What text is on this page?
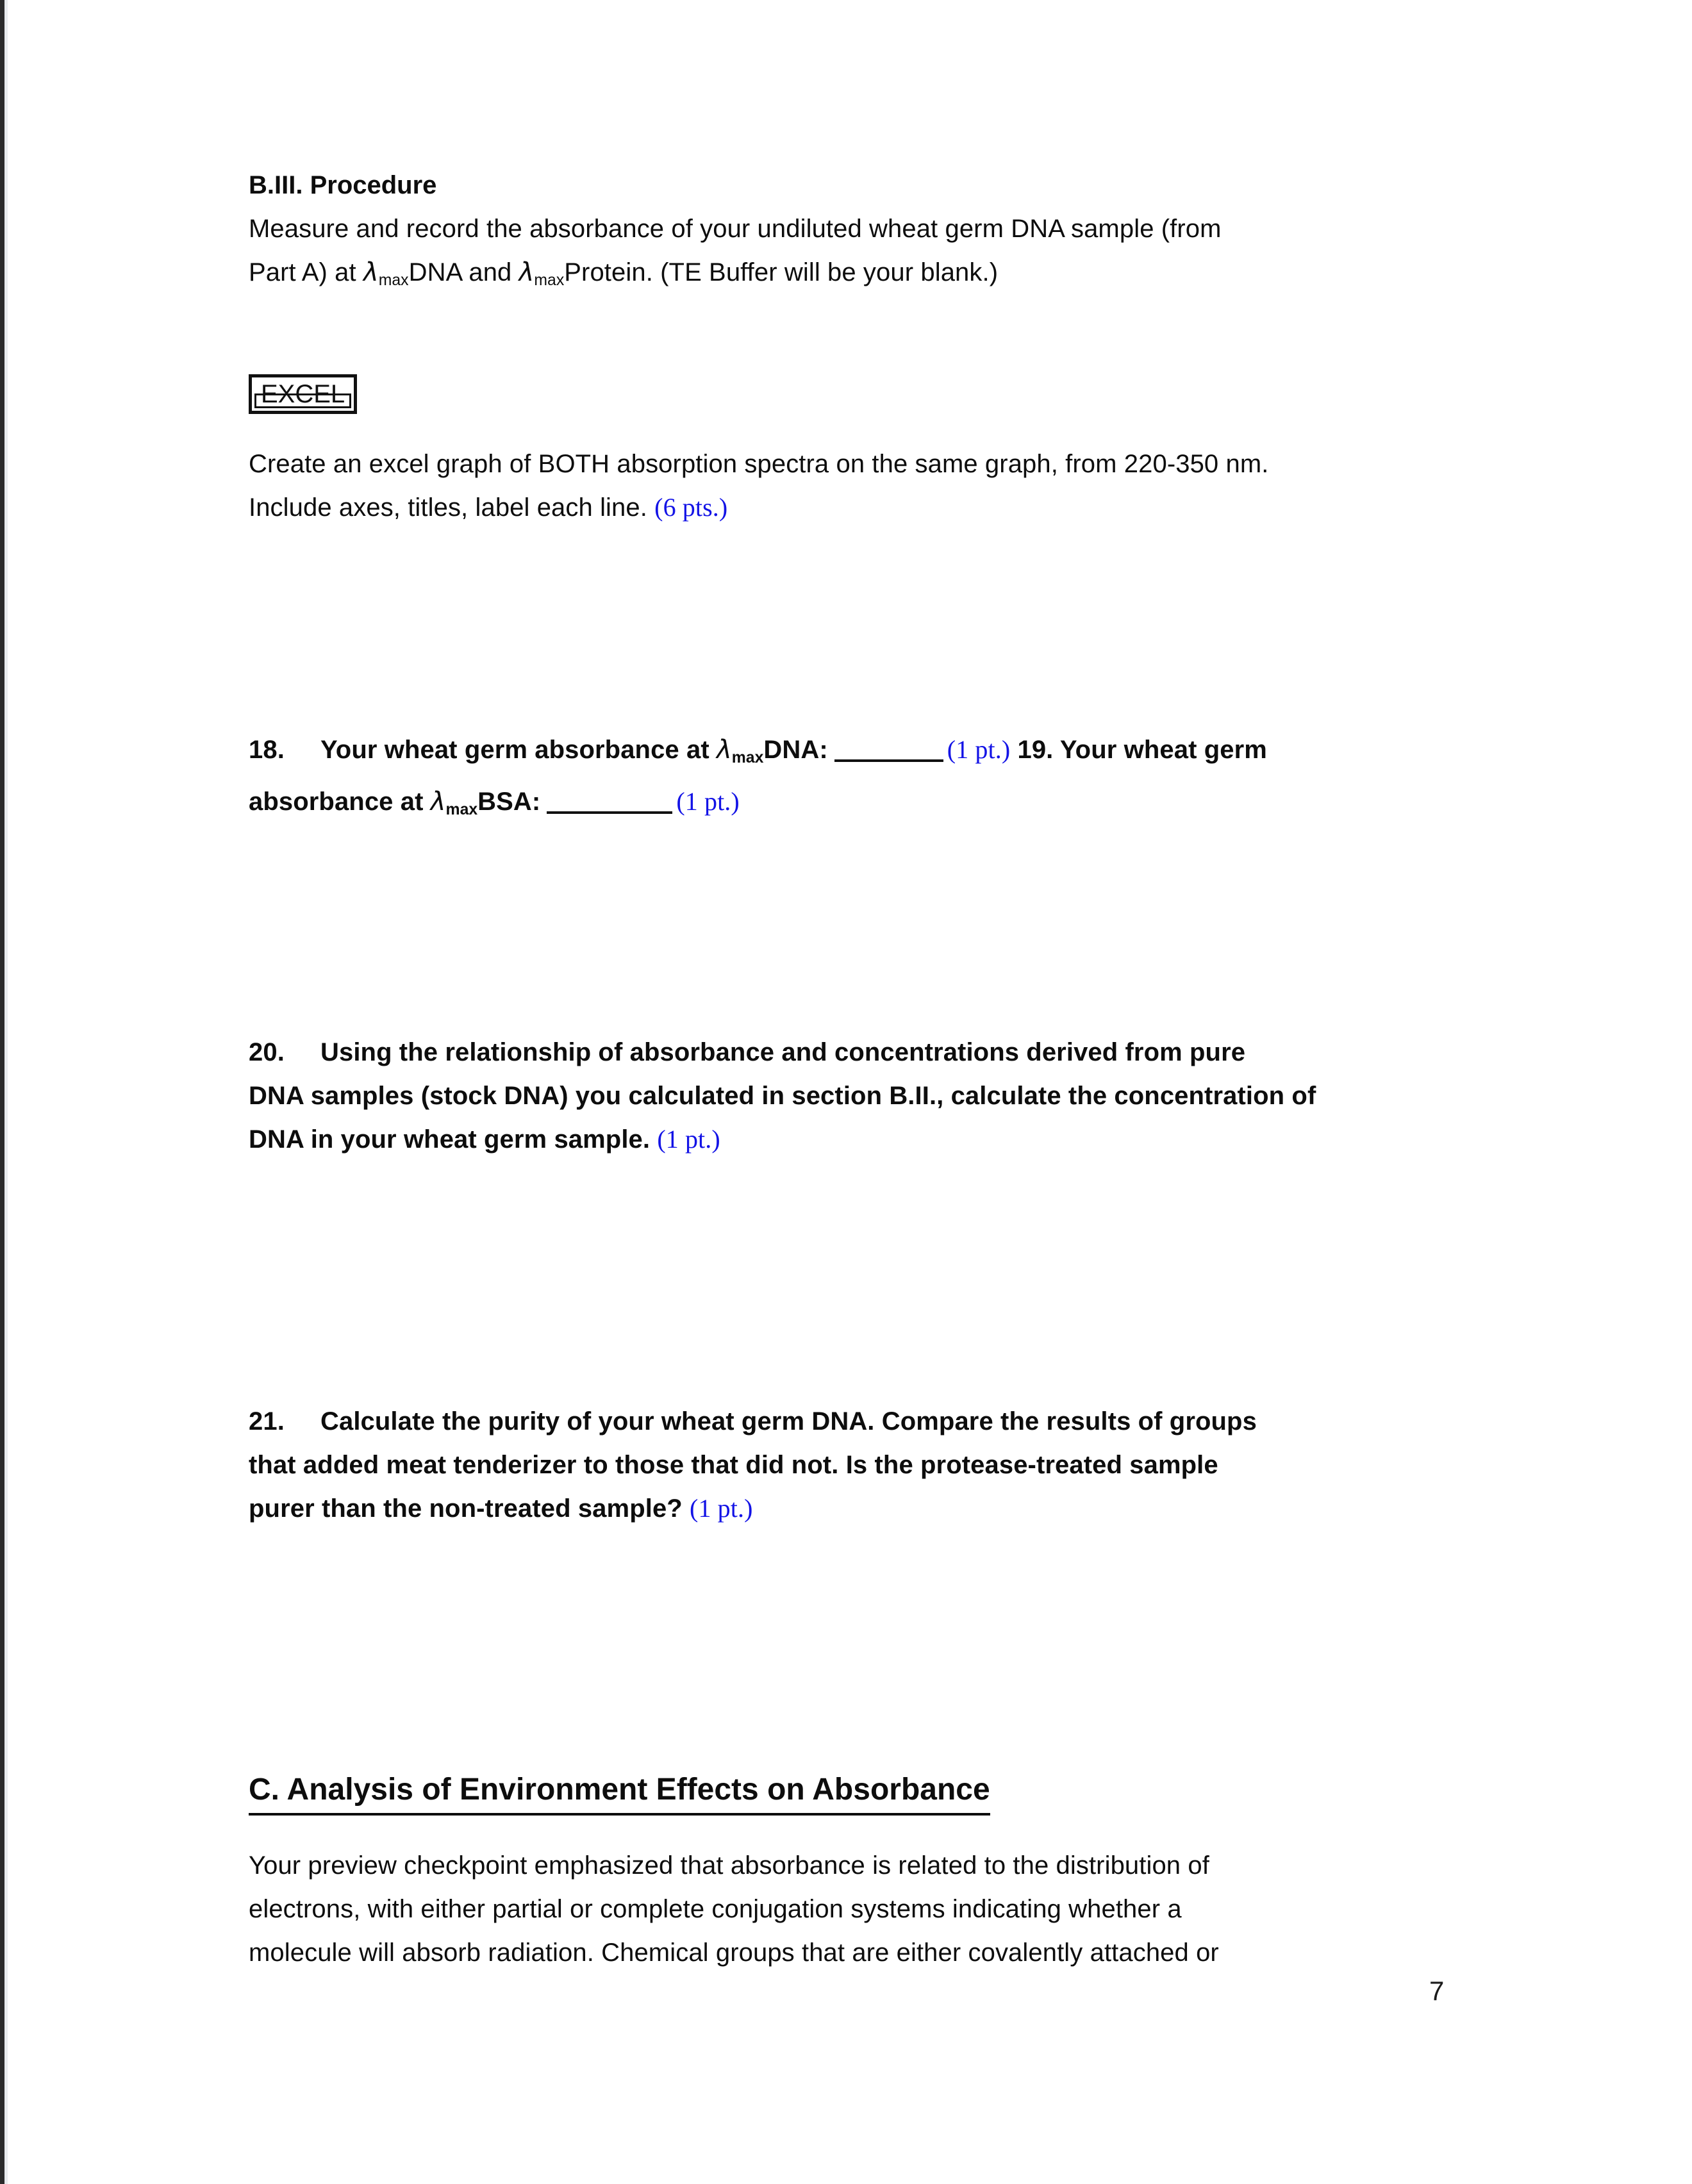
B.III. Procedure
Measure and record the absorbance of your undiluted wheat germ DNA sample (from
Part A) at $\lambda_{max}DNA$ and $\lambda_{max}Protein$. (TE Buffer will be your blank.)
EXCEL
Create an excel graph of BOTH absorption spectra on the same graph, from 220-350 nm.
Include axes, titles, label each line. (6 pts.)
18. Your wheat germ absorbance at $\lambda_{max}DNA$:	(1 pt.) 19. Your wheat germ
absorbance at $\lambda_{max}BSA$:	(1 pt.)
20. Using the relationship of absorbance and concentrations derived from pure
DNA samples (stock DNA) you calculated in section B.II., calculate the concentration of
DNA in your wheat germ sample. (1 pt.)
21. Calculate the purity of your wheat germ DNA. Compare the results of groups
that added meat tenderizer to those that did not. Is the protease-treated sample
purer than the non-treated sample? (1 pt.)
C. Analysis of Environment Effects on Absorbance
Your preview checkpoint emphasized that absorbance is related to the distribution of
electrons, with either partial or complete conjugation systems indicating whether a
molecule will absorb radiation. Chemical groups that are either covalently attached or
7
